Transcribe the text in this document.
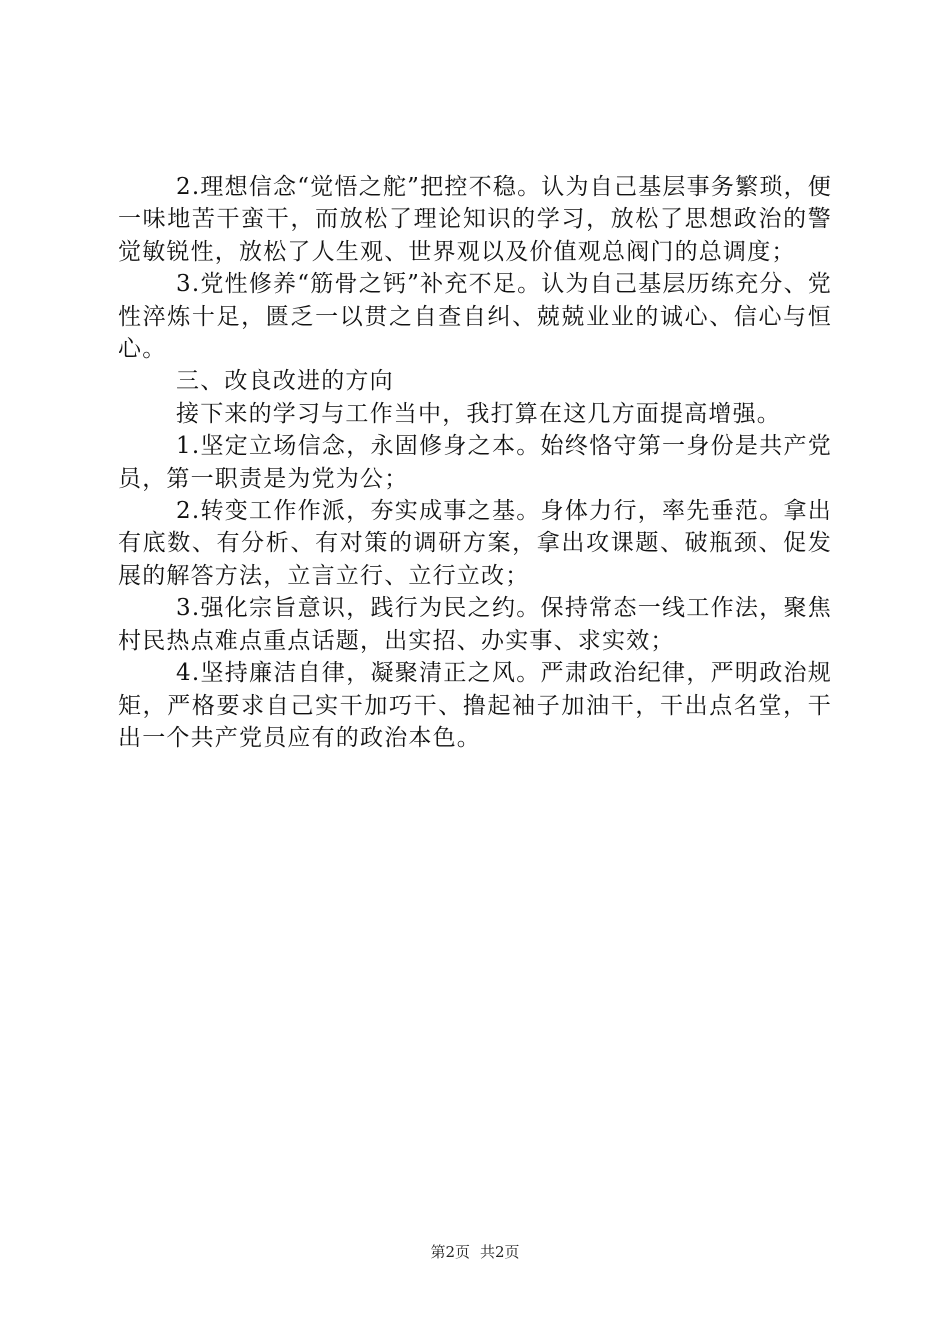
2.理想信念“觉悟之舵”把控不稳。认为自己基层事务繁琐，便一味地苦干蛮干，而放松了理论知识的学习，放松了思想政治的警觉敏锐性，放松了人生观、世界观以及价值观总阀门的总调度；

3.党性修养“筋骨之钙”补充不足。认为自己基层历练充分、党性淬炼十足，匮乏一以贯之自查自纠、兢兢业业的诚心、信心与恒心。

三、改良改进的方向

接下来的学习与工作当中，我打算在这几方面提高增强。

1.坚定立场信念，永固修身之本。始终恪守第一身份是共产党员，第一职责是为党为公；

2.转变工作作派，夯实成事之基。身体力行，率先垂范。拿出有底数、有分析、有对策的调研方案，拿出攻课题、破瓶颈、促发展的解答方法，立言立行、立行立改；

3.强化宗旨意识，践行为民之约。保持常态一线工作法，聚焦村民热点难点重点话题，出实招、办实事、求实效；

4.坚持廉洁自律，凝聚清正之风。严肃政治纪律，严明政治规矩，严格要求自己实干加巧干、撸起袖子加油干，干出点名堂，干出一个共产党员应有的政治本色。

第2页 共2页
